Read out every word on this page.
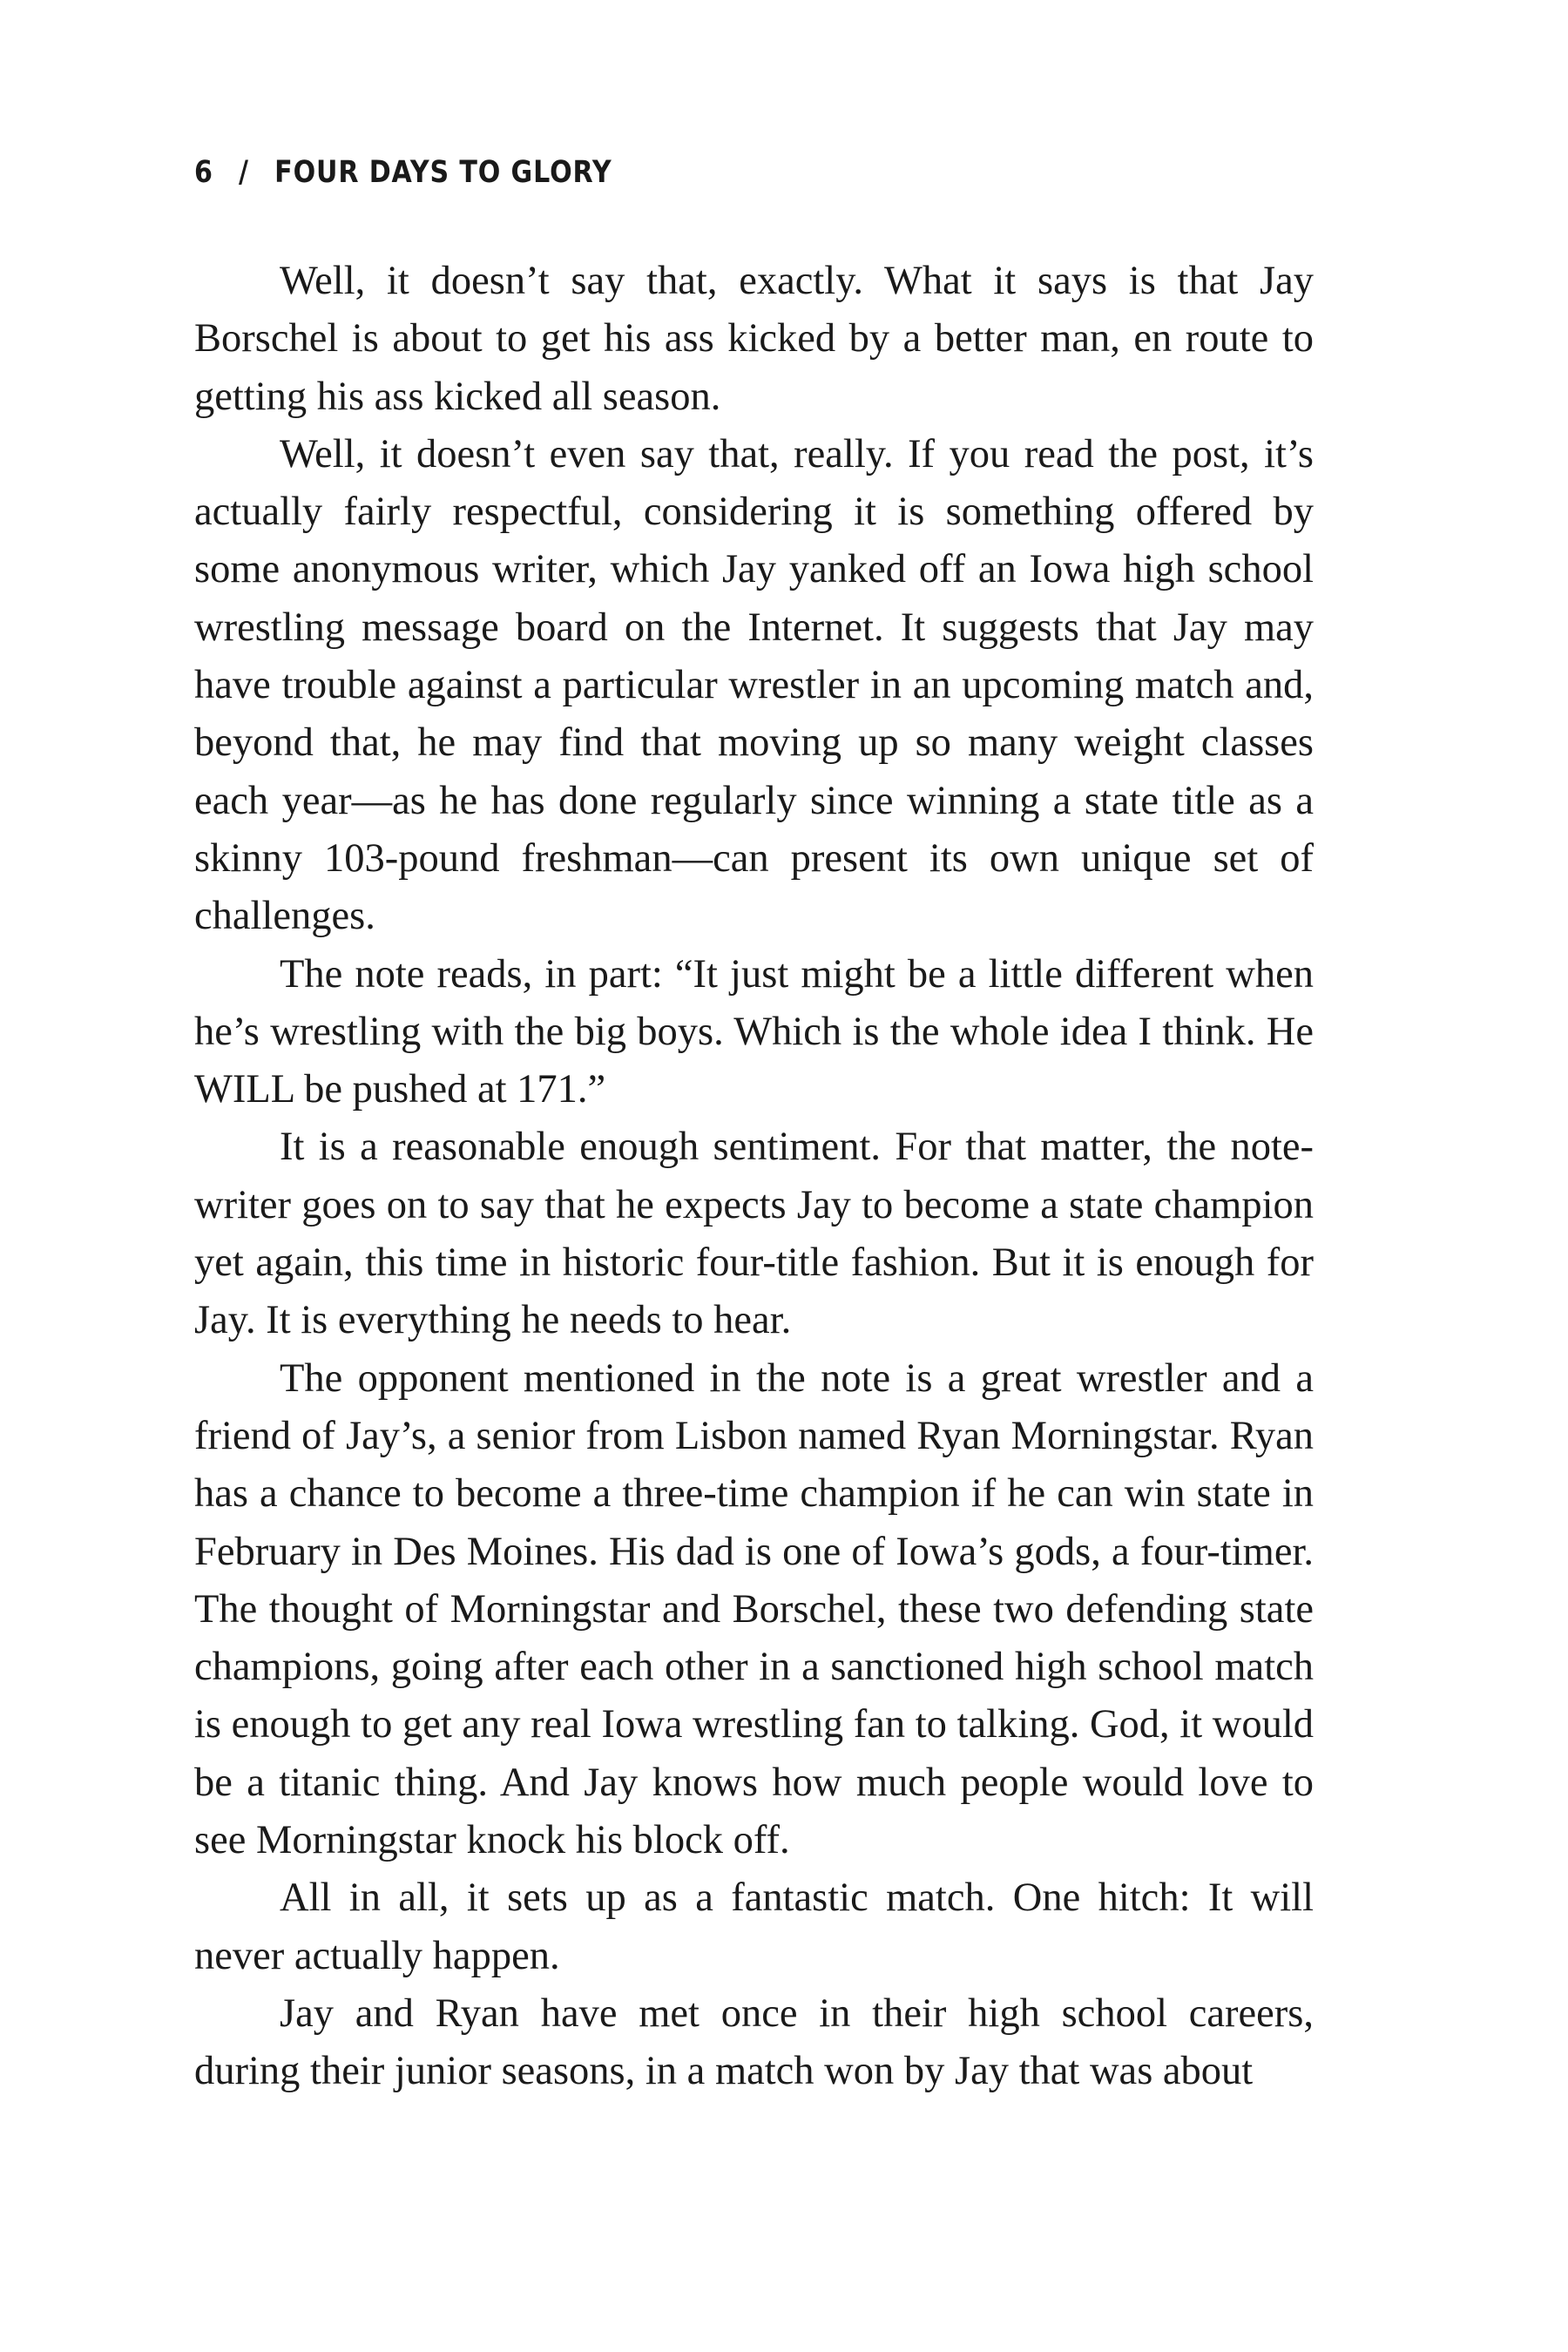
6 / FOUR DAYS TO GLORY

Well, it doesn’t say that, exactly. What it says is that Jay Borschel is about to get his ass kicked by a better man, en route to getting his ass kicked all season.

Well, it doesn’t even say that, really. If you read the post, it’s actually fairly respectful, considering it is something offered by some anonymous writer, which Jay yanked off an Iowa high school wrestling message board on the Internet. It suggests that Jay may have trouble against a particular wrestler in an upcoming match and, beyond that, he may find that moving up so many weight classes each year—as he has done regularly since winning a state title as a skinny 103-pound freshman—can present its own unique set of challenges.

The note reads, in part: “It just might be a little different when he’s wrestling with the big boys. Which is the whole idea I think. He WILL be pushed at 171.”

It is a reasonable enough sentiment. For that matter, the note-writer goes on to say that he expects Jay to become a state champion yet again, this time in historic four-title fashion. But it is enough for Jay. It is everything he needs to hear.

The opponent mentioned in the note is a great wrestler and a friend of Jay’s, a senior from Lisbon named Ryan Morningstar. Ryan has a chance to become a three-time champion if he can win state in February in Des Moines. His dad is one of Iowa’s gods, a four-timer. The thought of Morningstar and Borschel, these two defending state champions, going after each other in a sanctioned high school match is enough to get any real Iowa wrestling fan to talking. God, it would be a titanic thing. And Jay knows how much people would love to see Morningstar knock his block off.

All in all, it sets up as a fantastic match. One hitch: It will never actually happen.

Jay and Ryan have met once in their high school careers, during their junior seasons, in a match won by Jay that was about
